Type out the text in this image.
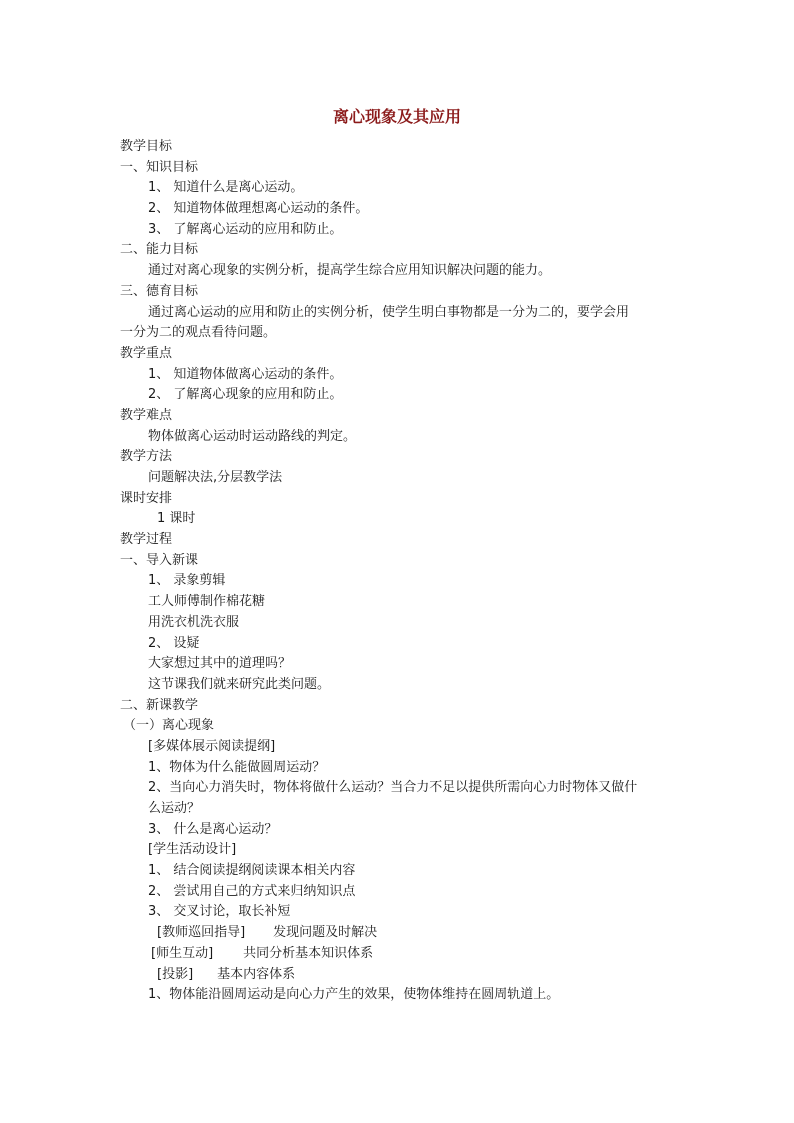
离心现象及其应用
教学目标
一、知识目标
1、 知道什么是离心运动。
2、 知道物体做理想离心运动的条件。
3、 了解离心运动的应用和防止。
二、能力目标
通过对离心现象的实例分析，提高学生综合应用知识解决问题的能力。
三、德育目标
通过离心运动的应用和防止的实例分析，使学生明白事物都是一分为二的，要学会用
一分为二的观点看待问题。
教学重点
1、 知道物体做离心运动的条件。
2、 了解离心现象的应用和防止。
教学难点
物体做离心运动时运动路线的判定。
教学方法
问题解决法,分层教学法
课时安排
1 课时
教学过程
一、导入新课
1、 录象剪辑
工人师傅制作棉花糖
用洗衣机洗衣服
2、 设疑
大家想过其中的道理吗？
这节课我们就来研究此类问题。
二、新课教学
（一）离心现象
[多媒体展示阅读提纲]
1、物体为什么能做圆周运动？
2、当向心力消失时，物体将做什么运动？当合力不足以提供所需向心力时物体又做什
么运动？
3、 什么是离心运动？
[学生活动设计]
1、 结合阅读提纲阅读课本相关内容
2、 尝试用自己的方式来归纳知识点
3、 交叉讨论，取长补短
[教师巡回指导] 发现问题及时解决
[师生互动] 共同分析基本知识体系
[投影] 基本内容体系
1、物体能沿圆周运动是向心力产生的效果，使物体维持在圆周轨道上。
